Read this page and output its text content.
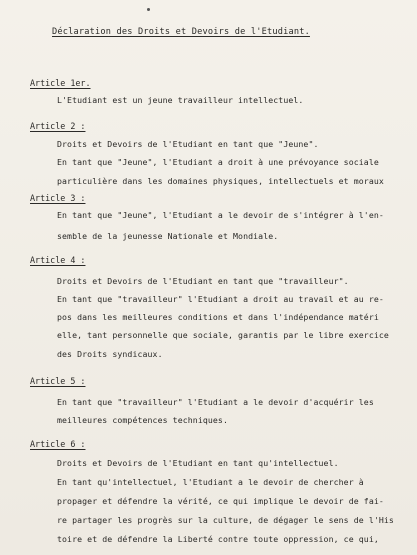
Déclaration des Droits et Devoirs de l'Etudiant.
Article 1er.
L'Etudiant est un jeune travailleur intellectuel.
Article 2 :
Droits et Devoirs de l'Etudiant en tant que "Jeune".
En tant que "Jeune", l'Etudiant a droit à une prévoyance sociale
particulière dans les domaines physiques, intellectuels et moraux
Article 3 :
En tant que "Jeune", l'Etudiant a le devoir de s'intégrer à l'en-
semble de la jeunesse Nationale et Mondiale.
Article 4 :
Droits et Devoirs de l'Etudiant en tant que "travailleur".
En tant que "travailleur" l'Etudiant a droit au travail et au re-
pos dans les meilleures conditions et dans l'indépendance matéri
elle, tant personnelle que sociale, garantis par le libre exercice
des Droits syndicaux.
Article 5 :
En tant que "travailleur" l'Etudiant a le devoir d'acquérir les
meilleures compétences techniques.
Article 6 :
Droits et Devoirs de l'Etudiant en tant qu'intellectuel.
En tant qu'intellectuel, l'Etudiant a le devoir de chercher à
propager et défendre la vérité, ce qui implique le devoir de fai-
re partager les progrès sur la culture, de dégager le sens de l'His
toire et de défendre la Liberté contre toute oppression, ce qui,
